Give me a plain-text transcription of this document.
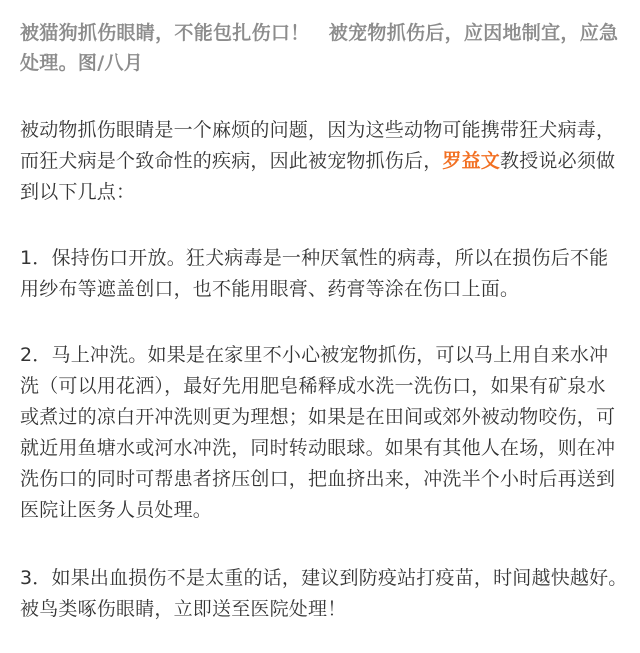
被猫狗抓伤眼睛，不能包扎伤口！　被宠物抓伤后，应因地制宜，应急处理。图/八月

被动物抓伤眼睛是一个麻烦的问题，因为这些动物可能携带狂犬病毒，而狂犬病是个致命性的疾病，因此被宠物抓伤后，罗益文教授说必须做到以下几点：

1．保持伤口开放。狂犬病毒是一种厌氧性的病毒，所以在损伤后不能用纱布等遮盖创口，也不能用眼膏、药膏等涂在伤口上面。

2．马上冲洗。如果是在家里不小心被宠物抓伤，可以马上用自来水冲洗（可以用花洒），最好先用肥皂稀释成水洗一洗伤口，如果有矿泉水或煮过的凉白开冲洗则更为理想；如果是在田间或郊外被动物咬伤，可就近用鱼塘水或河水冲洗，同时转动眼球。如果有其他人在场，则在冲洗伤口的同时可帮患者挤压创口，把血挤出来，冲洗半个小时后再送到医院让医务人员处理。

3．如果出血损伤不是太重的话，建议到防疫站打疫苗，时间越快越好。　被鸟类啄伤眼睛，立即送至医院处理！
